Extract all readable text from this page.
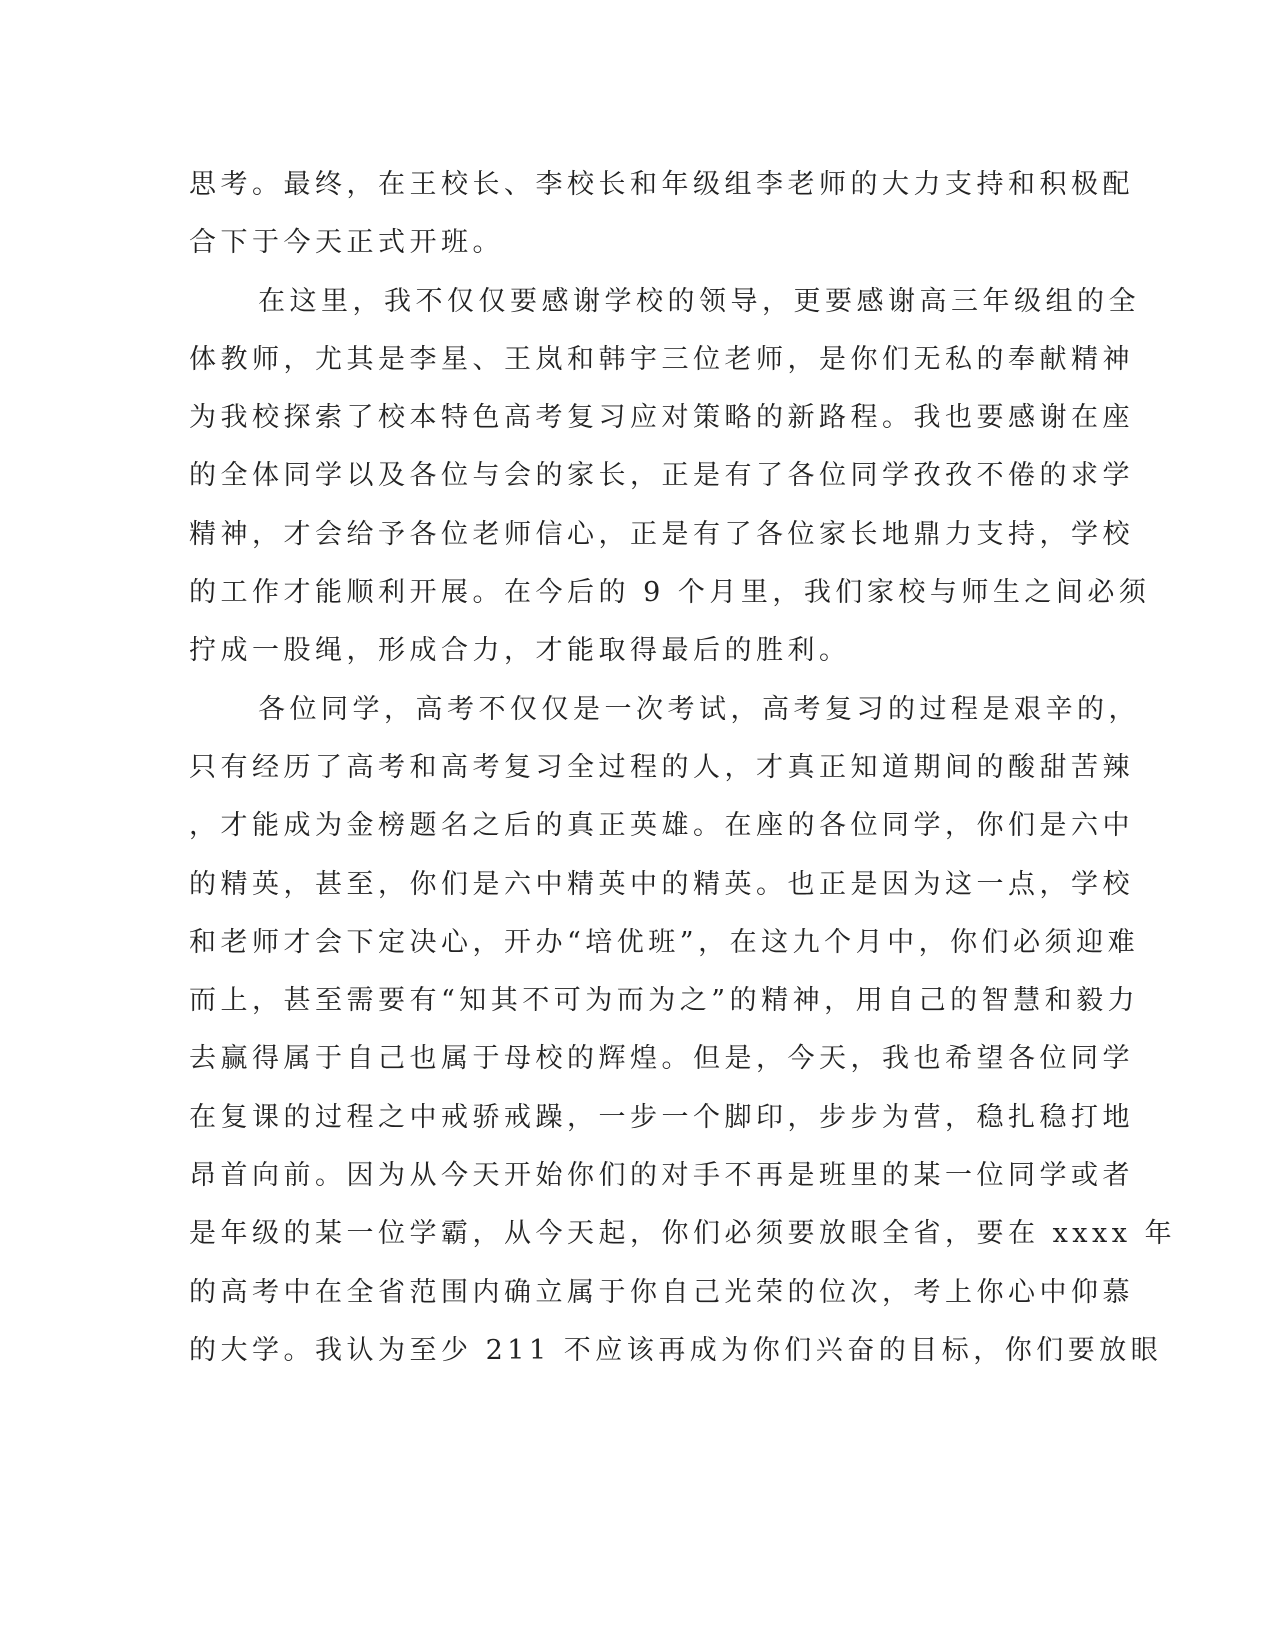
思考。最终，在王校长、李校长和年级组李老师的大力支持和积极配
合下于今天正式开班。
在这里，我不仅仅要感谢学校的领导，更要感谢高三年级组的全
体教师，尤其是李星、王岚和韩宇三位老师，是你们无私的奉献精神
为我校探索了校本特色高考复习应对策略的新路程。我也要感谢在座
的全体同学以及各位与会的家长，正是有了各位同学孜孜不倦的求学
精神，才会给予各位老师信心，正是有了各位家长地鼎力支持，学校
的工作才能顺利开展。在今后的 9 个月里，我们家校与师生之间必须
拧成一股绳，形成合力，才能取得最后的胜利。
各位同学，高考不仅仅是一次考试，高考复习的过程是艰辛的，
只有经历了高考和高考复习全过程的人，才真正知道期间的酸甜苦辣
，才能成为金榜题名之后的真正英雄。在座的各位同学，你们是六中
的精英，甚至，你们是六中精英中的精英。也正是因为这一点，学校
和老师才会下定决心，开办“培优班”，在这九个月中，你们必须迎难
而上，甚至需要有“知其不可为而为之”的精神，用自己的智慧和毅力
去赢得属于自己也属于母校的辉煌。但是，今天，我也希望各位同学
在复课的过程之中戒骄戒躁，一步一个脚印，步步为营，稳扎稳打地
昂首向前。因为从今天开始你们的对手不再是班里的某一位同学或者
是年级的某一位学霸，从今天起，你们必须要放眼全省，要在 xxxx 年
的高考中在全省范围内确立属于你自己光荣的位次，考上你心中仰慕
的大学。我认为至少 211 不应该再成为你们兴奋的目标，你们要放眼
